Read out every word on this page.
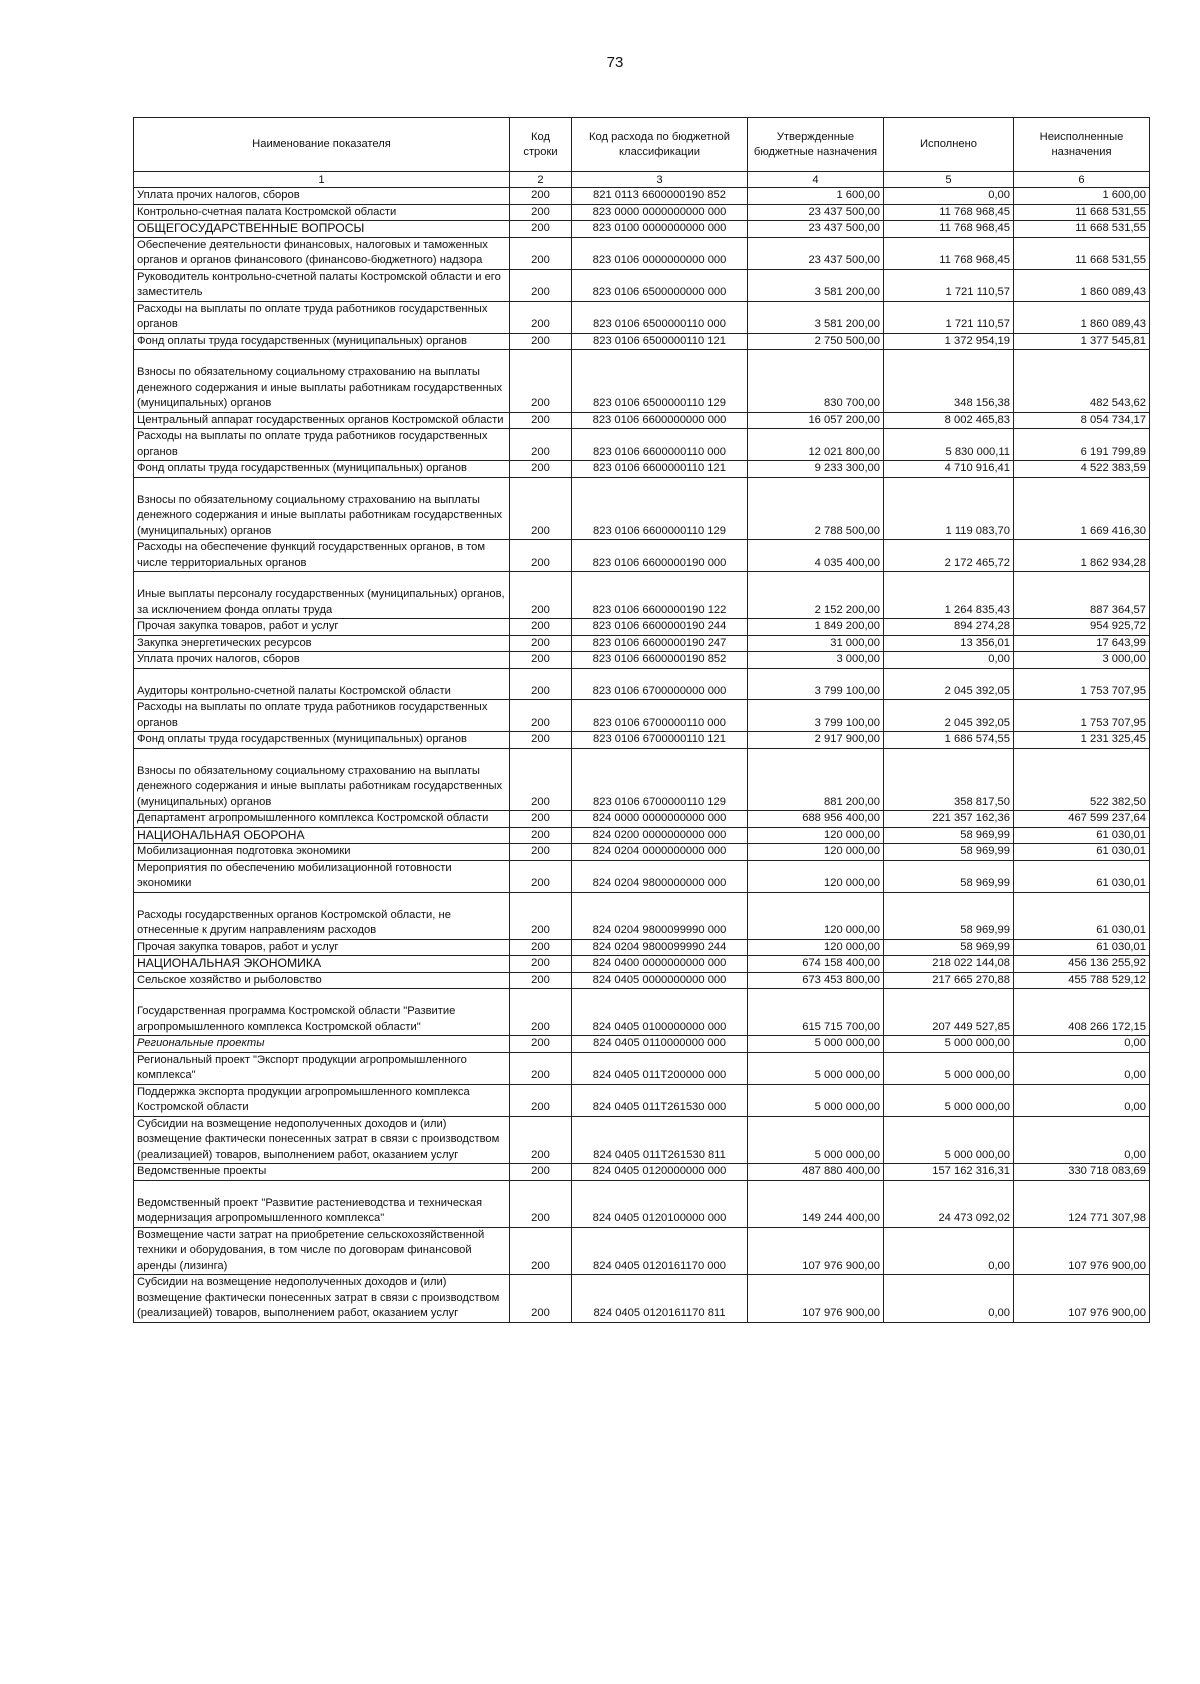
73
Наименование показателя	Код строки	Код расхода по бюджетной классификации	Утвержденные бюджетные назначения	Исполнено	Неисполненные назначения
1	2	3	4	5	6
Уплата прочих налогов, сборов	200	821 0113 6600000190 852	1 600,00	0,00	1 600,00
Контрольно-счетная палата Костромской области	200	823 0000 0000000000 000	23 437 500,00	11 768 968,45	11 668 531,55
ОБЩЕГОСУДАРСТВЕННЫЕ ВОПРОСЫ	200	823 0100 0000000000 000	23 437 500,00	11 768 968,45	11 668 531,55
Обеспечение деятельности финансовых, налоговых и таможенных органов и органов финансового (финансово-бюджетного) надзора	200	823 0106 0000000000 000	23 437 500,00	11 768 968,45	11 668 531,55
Руководитель контрольно-счетной палаты Костромской области и его заместитель	200	823 0106 6500000000 000	3 581 200,00	1 721 110,57	1 860 089,43
Расходы на выплаты по оплате труда работников государственных органов	200	823 0106 6500000110 000	3 581 200,00	1 721 110,57	1 860 089,43
Фонд оплаты труда государственных (муниципальных) органов	200	823 0106 6500000110 121	2 750 500,00	1 372 954,19	1 377 545,81
Взносы по обязательному социальному страхованию на выплаты денежного содержания и иные выплаты работникам государственных (муниципальных) органов	200	823 0106 6500000110 129	830 700,00	348 156,38	482 543,62
Центральный аппарат государственных органов Костромской области	200	823 0106 6600000000 000	16 057 200,00	8 002 465,83	8 054 734,17
Расходы на выплаты по оплате труда работников государственных органов	200	823 0106 6600000110 000	12 021 800,00	5 830 000,11	6 191 799,89
Фонд оплаты труда государственных (муниципальных) органов	200	823 0106 6600000110 121	9 233 300,00	4 710 916,41	4 522 383,59
Взносы по обязательному социальному страхованию на выплаты денежного содержания и иные выплаты работникам государственных (муниципальных) органов	200	823 0106 6600000110 129	2 788 500,00	1 119 083,70	1 669 416,30
Расходы на обеспечение функций государственных органов, в том числе территориальных органов	200	823 0106 6600000190 000	4 035 400,00	2 172 465,72	1 862 934,28
Иные выплаты персоналу государственных (муниципальных) органов, за исключением фонда оплаты труда	200	823 0106 6600000190 122	2 152 200,00	1 264 835,43	887 364,57
Прочая закупка товаров, работ и услуг	200	823 0106 6600000190 244	1 849 200,00	894 274,28	954 925,72
Закупка энергетических ресурсов	200	823 0106 6600000190 247	31 000,00	13 356,01	17 643,99
Уплата прочих налогов, сборов	200	823 0106 6600000190 852	3 000,00	0,00	3 000,00
Аудиторы контрольно-счетной палаты Костромской области	200	823 0106 6700000000 000	3 799 100,00	2 045 392,05	1 753 707,95
Расходы на выплаты по оплате труда работников государственных органов	200	823 0106 6700000110 000	3 799 100,00	2 045 392,05	1 753 707,95
Фонд оплаты труда государственных (муниципальных) органов	200	823 0106 6700000110 121	2 917 900,00	1 686 574,55	1 231 325,45
Взносы по обязательному социальному страхованию на выплаты денежного содержания и иные выплаты работникам государственных (муниципальных) органов	200	823 0106 6700000110 129	881 200,00	358 817,50	522 382,50
Департамент агропромышленного комплекса Костромской области	200	824 0000 0000000000 000	688 956 400,00	221 357 162,36	467 599 237,64
НАЦИОНАЛЬНАЯ ОБОРОНА	200	824 0200 0000000000 000	120 000,00	58 969,99	61 030,01
Мобилизационная подготовка экономики	200	824 0204 0000000000 000	120 000,00	58 969,99	61 030,01
Мероприятия по обеспечению мобилизационной готовности экономики	200	824 0204 9800000000 000	120 000,00	58 969,99	61 030,01
Расходы государственных органов Костромской области, не отнесенные к другим направлениям расходов	200	824 0204 9800099990 000	120 000,00	58 969,99	61 030,01
Прочая закупка товаров, работ и услуг	200	824 0204 9800099990 244	120 000,00	58 969,99	61 030,01
НАЦИОНАЛЬНАЯ ЭКОНОМИКА	200	824 0400 0000000000 000	674 158 400,00	218 022 144,08	456 136 255,92
Сельское хозяйство и рыболовство	200	824 0405 0000000000 000	673 453 800,00	217 665 270,88	455 788 529,12
Государственная программа Костромской области "Развитие агропромышленного комплекса Костромской области"	200	824 0405 0100000000 000	615 715 700,00	207 449 527,85	408 266 172,15
Региональные проекты	200	824 0405 0110000000 000	5 000 000,00	5 000 000,00	0,00
Региональный проект "Экспорт продукции агропромышленного комплекса"	200	824 0405 011T200000 000	5 000 000,00	5 000 000,00	0,00
Поддержка экспорта продукции агропромышленного комплекса Костромской области	200	824 0405 011T261530 000	5 000 000,00	5 000 000,00	0,00
Субсидии на возмещение недополученных доходов и (или) возмещение фактически понесенных затрат в связи с производством (реализацией) товаров, выполнением работ, оказанием услуг	200	824 0405 011T261530 811	5 000 000,00	5 000 000,00	0,00
Ведомственные проекты	200	824 0405 0120000000 000	487 880 400,00	157 162 316,31	330 718 083,69
Ведомственный проект "Развитие растениеводства и техническая модернизация агропромышленного комплекса"	200	824 0405 0120100000 000	149 244 400,00	24 473 092,02	124 771 307,98
Возмещение части затрат на приобретение сельскохозяйственной техники и оборудования, в том числе по договорам финансовой аренды (лизинга)	200	824 0405 0120161170 000	107 976 900,00	0,00	107 976 900,00
Субсидии на возмещение недополученных доходов и (или) возмещение фактически понесенных затрат в связи с производством (реализацией) товаров, выполнением работ, оказанием услуг	200	824 0405 0120161170 811	107 976 900,00	0,00	107 976 900,00
